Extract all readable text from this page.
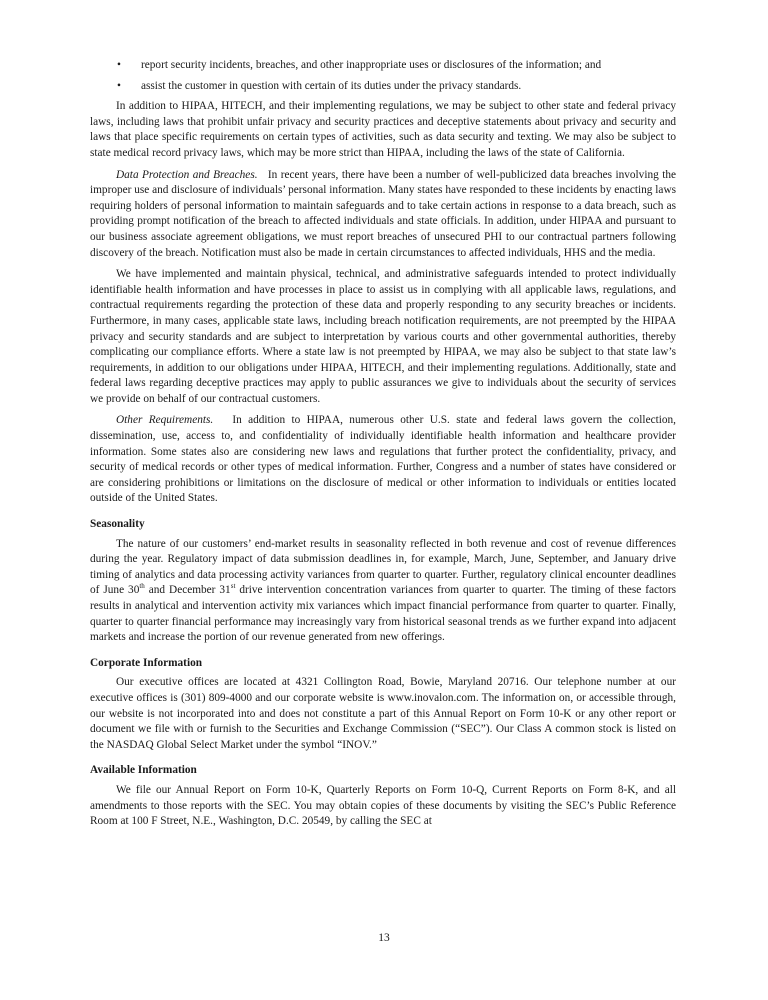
• report security incidents, breaches, and other inappropriate uses or disclosures of the information; and
• assist the customer in question with certain of its duties under the privacy standards.

In addition to HIPAA, HITECH, and their implementing regulations, we may be subject to other state and federal privacy laws, including laws that prohibit unfair privacy and security practices and deceptive statements about privacy and security and laws that place specific requirements on certain types of activities, such as data security and texting. We may also be subject to state medical record privacy laws, which may be more strict than HIPAA, including the laws of the state of California.

Data Protection and Breaches. In recent years, there have been a number of well-publicized data breaches involving the improper use and disclosure of individuals’ personal information. Many states have responded to these incidents by enacting laws requiring holders of personal information to maintain safeguards and to take certain actions in response to a data breach, such as providing prompt notification of the breach to affected individuals and state officials. In addition, under HIPAA and pursuant to our business associate agreement obligations, we must report breaches of unsecured PHI to our contractual partners following discovery of the breach. Notification must also be made in certain circumstances to affected individuals, HHS and the media.

We have implemented and maintain physical, technical, and administrative safeguards intended to protect individually identifiable health information and have processes in place to assist us in complying with all applicable laws, regulations, and contractual requirements regarding the protection of these data and properly responding to any security breaches or incidents. Furthermore, in many cases, applicable state laws, including breach notification requirements, are not preempted by the HIPAA privacy and security standards and are subject to interpretation by various courts and other governmental authorities, thereby complicating our compliance efforts. Where a state law is not preempted by HIPAA, we may also be subject to that state law’s requirements, in addition to our obligations under HIPAA, HITECH, and their implementing regulations. Additionally, state and federal laws regarding deceptive practices may apply to public assurances we give to individuals about the security of services we provide on behalf of our contractual customers.

Other Requirements. In addition to HIPAA, numerous other U.S. state and federal laws govern the collection, dissemination, use, access to, and confidentiality of individually identifiable health information and healthcare provider information. Some states also are considering new laws and regulations that further protect the confidentiality, privacy, and security of medical records or other types of medical information. Further, Congress and a number of states have considered or are considering prohibitions or limitations on the disclosure of medical or other information to individuals or entities located outside of the United States.

Seasonality

The nature of our customers’ end-market results in seasonality reflected in both revenue and cost of revenue differences during the year. Regulatory impact of data submission deadlines in, for example, March, June, September, and January drive timing of analytics and data processing activity variances from quarter to quarter. Further, regulatory clinical encounter deadlines of June 30th and December 31st drive intervention concentration variances from quarter to quarter. The timing of these factors results in analytical and intervention activity mix variances which impact financial performance from quarter to quarter. Finally, quarter to quarter financial performance may increasingly vary from historical seasonal trends as we further expand into adjacent markets and increase the portion of our revenue generated from new offerings.

Corporate Information

Our executive offices are located at 4321 Collington Road, Bowie, Maryland 20716. Our telephone number at our executive offices is (301) 809-4000 and our corporate website is www.inovalon.com. The information on, or accessible through, our website is not incorporated into and does not constitute a part of this Annual Report on Form 10-K or any other report or document we file with or furnish to the Securities and Exchange Commission (“SEC”). Our Class A common stock is listed on the NASDAQ Global Select Market under the symbol “INOV.”

Available Information

We file our Annual Report on Form 10-K, Quarterly Reports on Form 10-Q, Current Reports on Form 8-K, and all amendments to those reports with the SEC. You may obtain copies of these documents by visiting the SEC’s Public Reference Room at 100 F Street, N.E., Washington, D.C. 20549, by calling the SEC at

13
